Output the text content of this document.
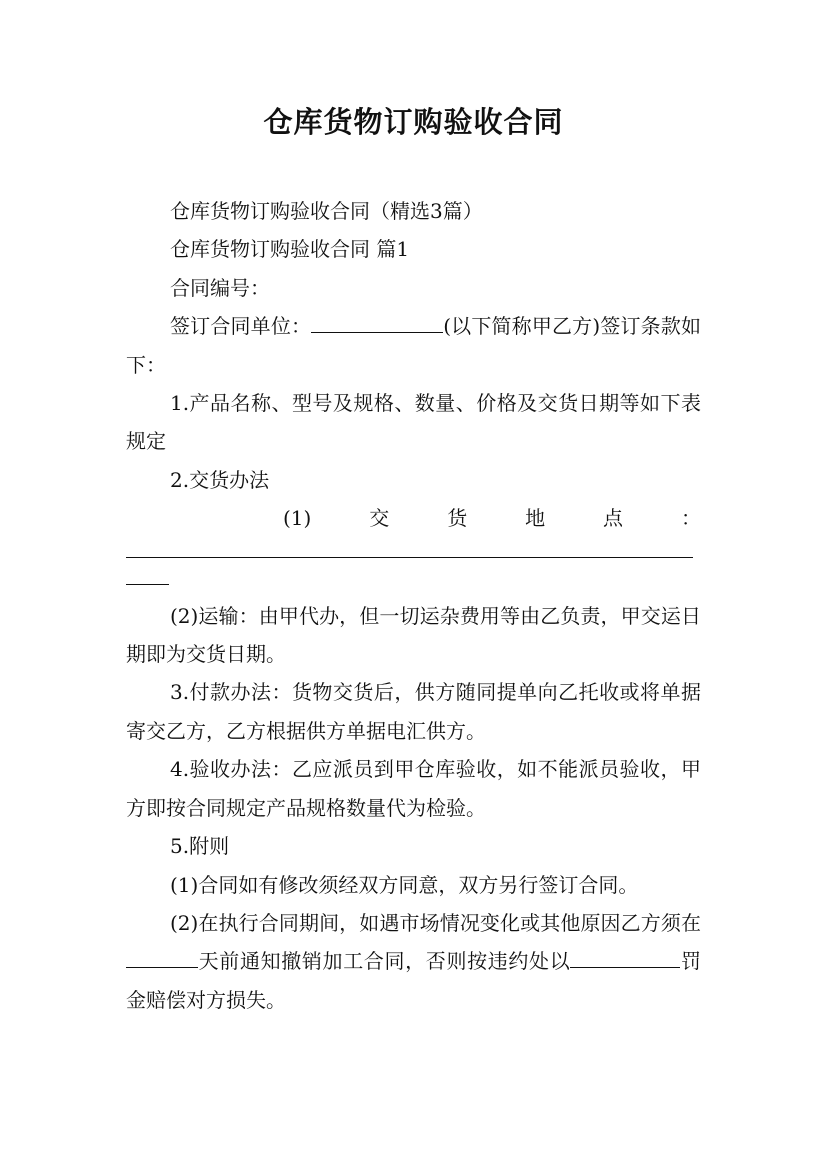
仓库货物订购验收合同

仓库货物订购验收合同（精选3篇）

仓库货物订购验收合同 篇1

合同编号：

签订合同单位：	(以下简称甲乙方)签订条款如下：

1.产品名称、型号及规格、数量、价格及交货日期等如下表规定

2.交货办法

(1)	交	货	地	点	：

(2)运输：由甲代办，但一切运杂费用等由乙负责，甲交运日期即为交货日期。

3.付款办法：货物交货后，供方随同提单向乙托收或将单据寄交乙方，乙方根据供方单据电汇供方。

4.验收办法：乙应派员到甲仓库验收，如不能派员验收，甲方即按合同规定产品规格数量代为检验。

5.附则

(1)合同如有修改须经双方同意，双方另行签订合同。

(2)在执行合同期间，如遇市场情况变化或其他原因乙方须在天前通知撤销加工合同，否则按违约处以	罚金赔偿对方损失。
